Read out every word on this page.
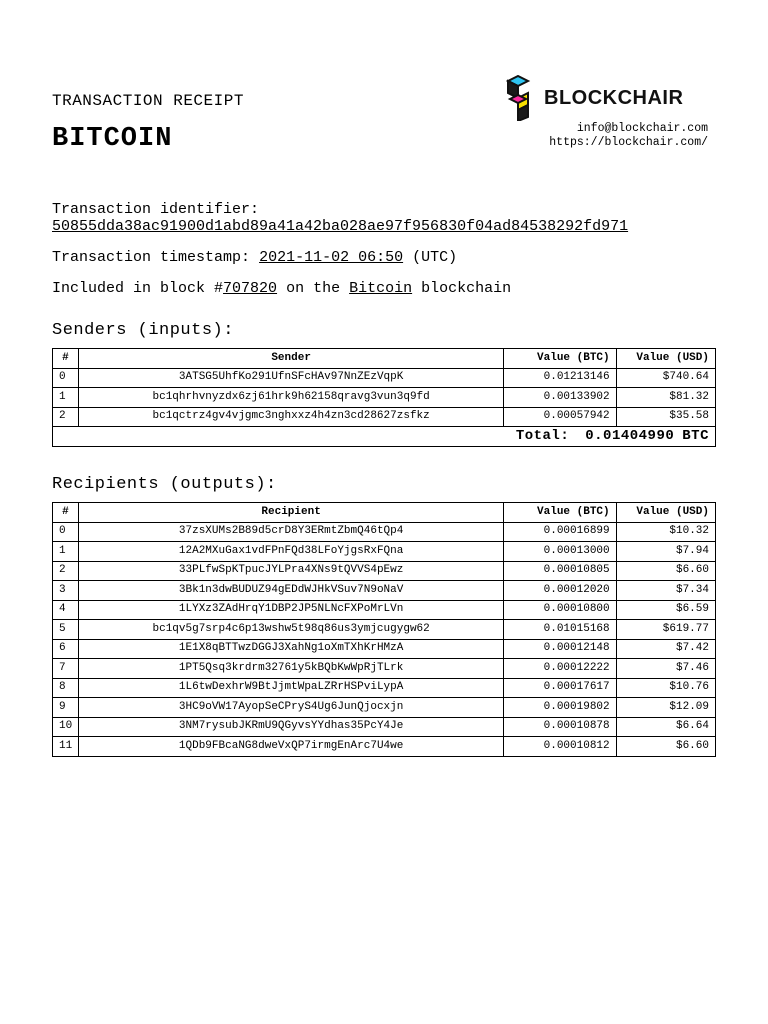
TRANSACTION RECEIPT
BITCOIN
BLOCKCHAIR
info@blockchair.com
https://blockchair.com/
Transaction identifier:
50855dda38ac91900d1abd89a41a42ba028ae97f956830f04ad84538292fd971
Transaction timestamp: 2021-11-02 06:50 (UTC)
Included in block #707820 on the Bitcoin blockchain
Senders (inputs):
#	Sender	Value (BTC)	Value (USD)
0	3ATSG5UhfKo291UfnSFcHAv97NnZEzVqpK	0.01213146	$740.64
1	bc1qhrhvnyzdx6zj61hrk9h62158qravg3vun3q9fd	0.00133902	$81.32
2	bc1qctrz4gv4vjgmc3nghxxz4h4zn3cd28627zsfkz	0.00057942	$35.58
Total: 0.01404990 BTC			
Recipients (outputs):
#	Recipient	Value (BTC)	Value (USD)
0	37zsXUMs2B89d5crD8Y3ERmtZbmQ46tQp4	0.00016899	$10.32
1	12A2MXuGax1vdFPnFQd38LFoYjgsRxFQna	0.00013000	$7.94
2	33PLfwSpKTpucJYLPra4XNs9tQVVS4pEwz	0.00010805	$6.60
3	3Bk1n3dwBUDUZ94gEDdWJHkVSuv7N9oNaV	0.00012020	$7.34
4	1LYXz3ZAdHrqY1DBP2JP5NLNcFXPoMrLVn	0.00010800	$6.59
5	bc1qv5g7srp4c6p13wshw5t98q86us3ymjcugygw62	0.01015168	$619.77
6	1E1X8qBTTwzDGGJ3XahNg1oXmTXhKrHMzA	0.00012148	$7.42
7	1PT5Qsq3krdrm32761y5kBQbKwWpRjTLrk	0.00012222	$7.46
8	1L6twDexhrW9BtJjmtWpaLZRrHSPviLypA	0.00017617	$10.76
9	3HC9oVW17AyopSeCPryS4Ug6JunQjocxjn	0.00019802	$12.09
10	3NM7rysubJKRmU9QGyvsYYdhas35PcY4Je	0.00010878	$6.64
11	1QDb9FBcaNG8dweVxQP7irmgEnArc7U4we	0.00010812	$6.60
